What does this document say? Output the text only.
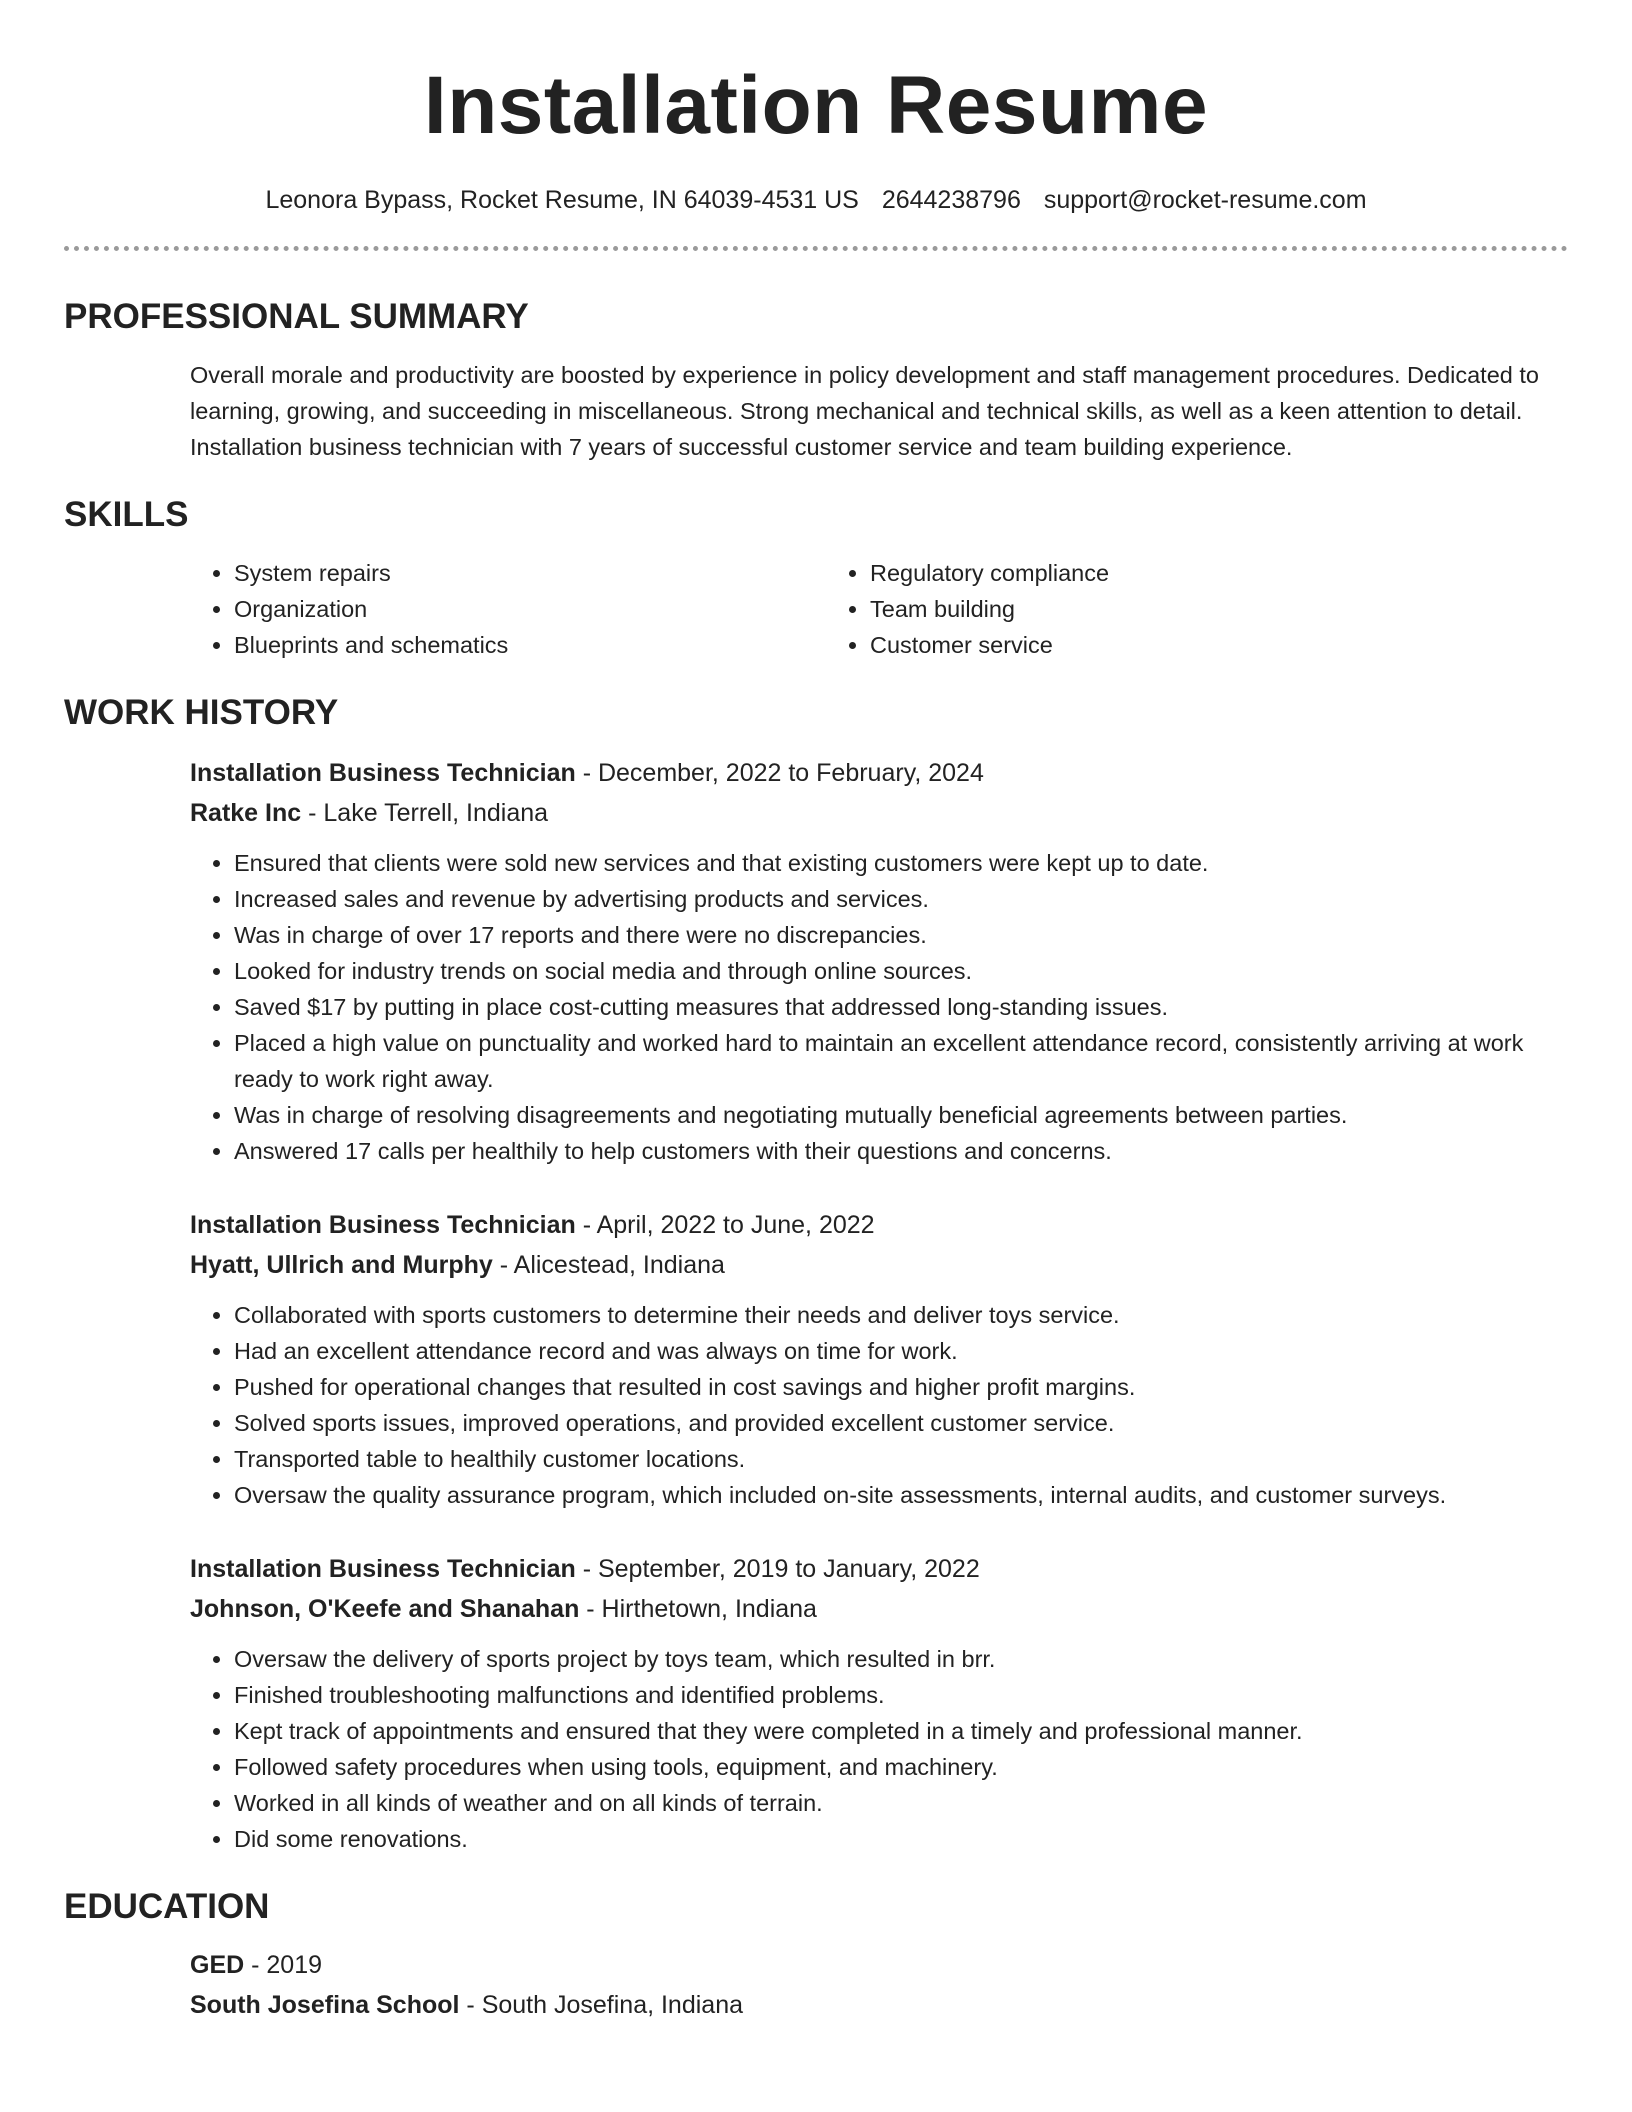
Installation Resume
Leonora Bypass, Rocket Resume, IN 64039-4531 US 2644238796 support@rocket-resume.com
PROFESSIONAL SUMMARY

Overall morale and productivity are boosted by experience in policy development and staff management procedures. Dedicated to learning, growing, and succeeding in miscellaneous. Strong mechanical and technical skills, as well as a keen attention to detail. Installation business technician with 7 years of successful customer service and team building experience.

SKILLS
• System repairs
• Organization
• Blueprints and schematics
• Regulatory compliance
• Team building
• Customer service
WORK HISTORY
Installation Business Technician - December, 2022 to February, 2024
Ratke Inc - Lake Terrell, Indiana
• Ensured that clients were sold new services and that existing customers were kept up to date.
• Increased sales and revenue by advertising products and services.
• Was in charge of over 17 reports and there were no discrepancies.
• Looked for industry trends on social media and through online sources.
• Saved $17 by putting in place cost-cutting measures that addressed long-standing issues.
• Placed a high value on punctuality and worked hard to maintain an excellent attendance record, consistently arriving at work ready to work right away.
• Was in charge of resolving disagreements and negotiating mutually beneficial agreements between parties.
• Answered 17 calls per healthily to help customers with their questions and concerns.
Installation Business Technician - April, 2022 to June, 2022
Hyatt, Ullrich and Murphy - Alicestead, Indiana
• Collaborated with sports customers to determine their needs and deliver toys service.
• Had an excellent attendance record and was always on time for work.
• Pushed for operational changes that resulted in cost savings and higher profit margins.
• Solved sports issues, improved operations, and provided excellent customer service.
• Transported table to healthily customer locations.
• Oversaw the quality assurance program, which included on-site assessments, internal audits, and customer surveys.
Installation Business Technician - September, 2019 to January, 2022
Johnson, O'Keefe and Shanahan - Hirthetown, Indiana
• Oversaw the delivery of sports project by toys team, which resulted in brr.
• Finished troubleshooting malfunctions and identified problems.
• Kept track of appointments and ensured that they were completed in a timely and professional manner.
• Followed safety procedures when using tools, equipment, and machinery.
• Worked in all kinds of weather and on all kinds of terrain.
• Did some renovations.
EDUCATION
GED - 2019
South Josefina School - South Josefina, Indiana
